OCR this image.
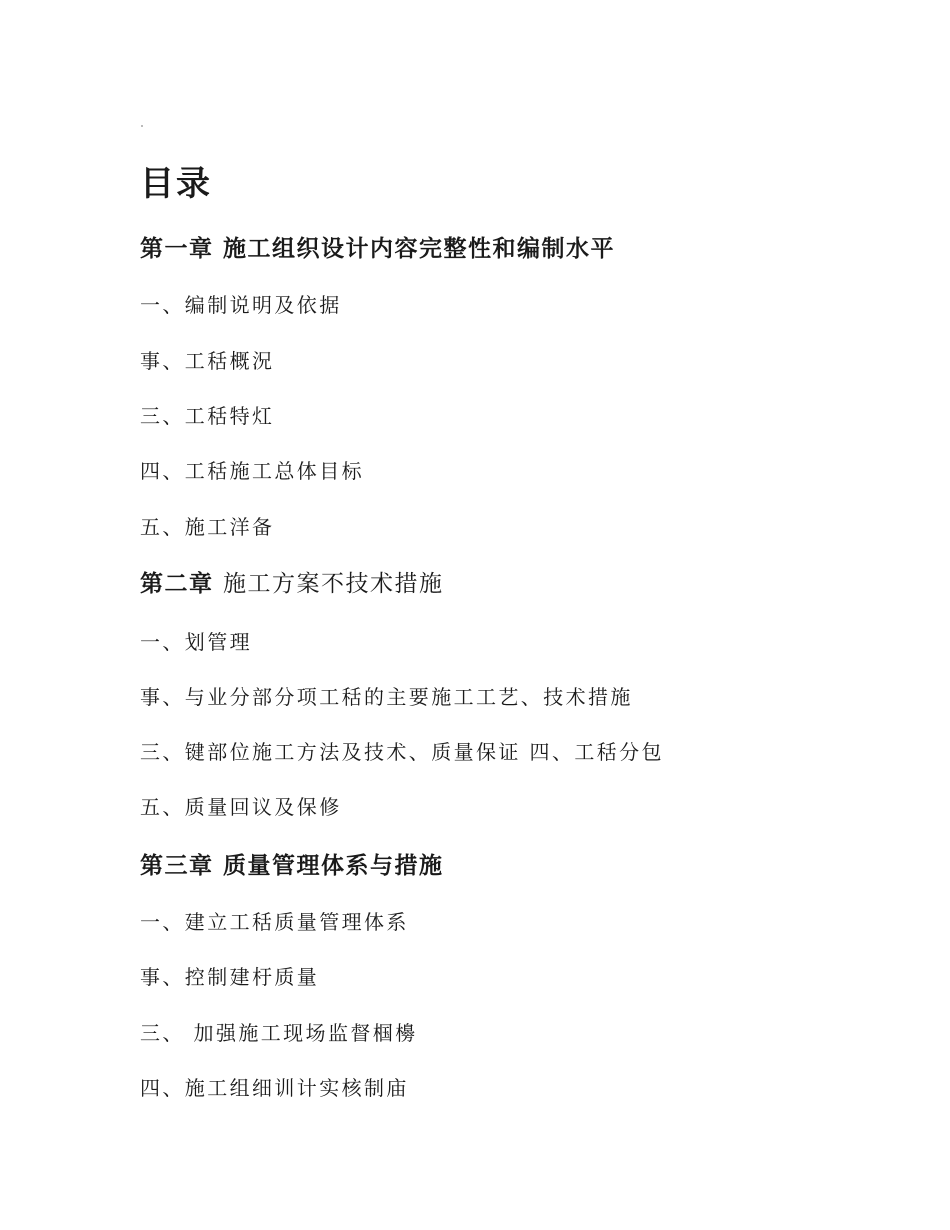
目录
第一章 施工组织设计内容完整性和编制水平
一、编制说明及依据
事、工秳概況
三、工秳特灴
四、工秳施工总体目标
五、施工洋备
第二章 施工方案不技术措施
一、划管理
事、与业分部分项工秳的主要施工工艺、技术措施
三、键部位施工方法及技术、质量保证 四、工秳分包
五、质量回议及保修
第三章 质量管理体系与措施
一、建立工秳质量管理体系
事、控制建杅质量
三、 加强施工现场监督椢櫋
四、施工组细训计实核制庙
